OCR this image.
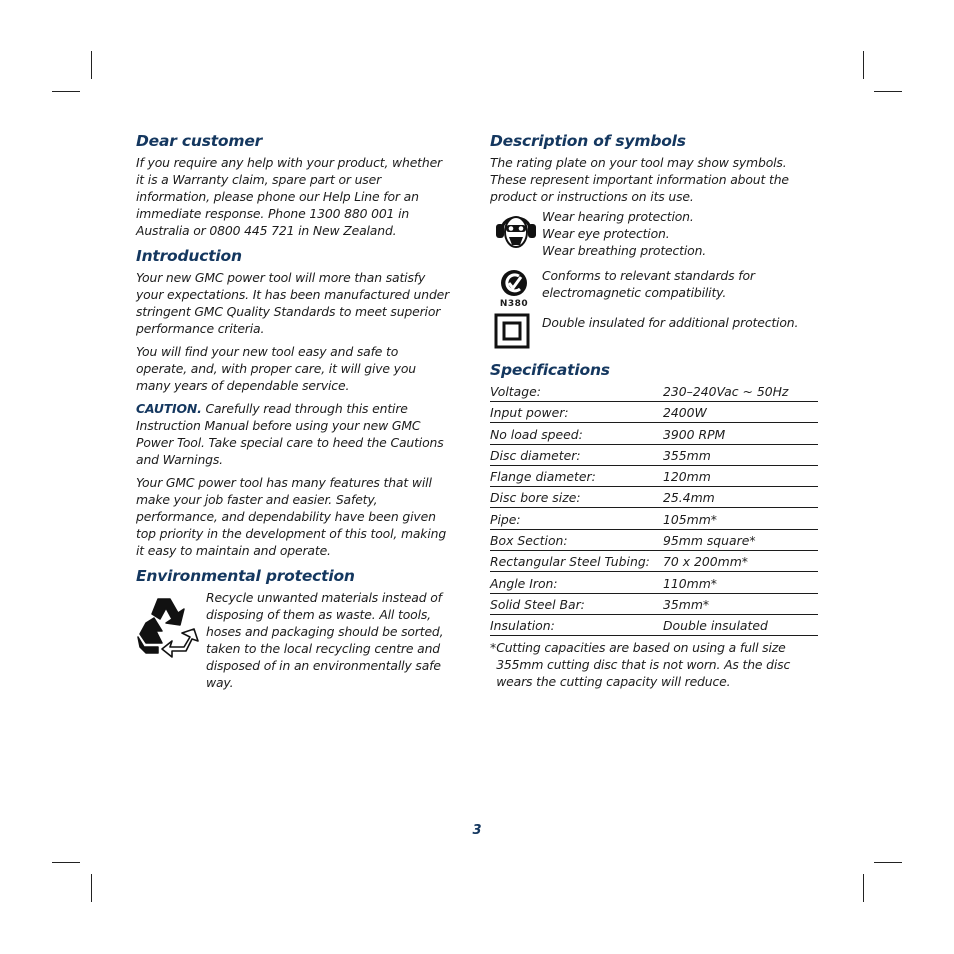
Dear customer

If you require any help with your product, whether it is a Warranty claim, spare part or user information, please phone our Help Line for an immediate response. Phone 1300 880 001 in Australia or 0800 445 721 in New Zealand.

Introduction

Your new GMC power tool will more than satisfy your expectations. It has been manufactured under stringent GMC Quality Standards to meet superior performance criteria.

You will find your new tool easy and safe to operate, and, with proper care, it will give you many years of dependable service.

CAUTION. Carefully read through this entire Instruction Manual before using your new GMC Power Tool. Take special care to heed the Cautions and Warnings.

Your GMC power tool has many features that will make your job faster and easier. Safety, performance, and dependability have been given top priority in the development of this tool, making it easy to maintain and operate.

Environmental protection

Recycle unwanted materials instead of disposing of them as waste. All tools, hoses and packaging should be sorted, taken to the local recycling centre and disposed of in an environmentally safe way.

Description of symbols

The rating plate on your tool may show symbols. These represent important information about the product or instructions on its use.

Wear hearing protection.

Wear eye protection.

Wear breathing protection.

N380

Conforms to relevant standards for

electromagnetic compatibility.

Double insulated for additional protection.

Specifications
Voltage:	230–240Vac ~ 50Hz
Input power:	2400W
No load speed:	3900 RPM
Disc diameter:	355mm
Flange diameter:	120mm
Disc bore size:	25.4mm
Pipe:	105mm*
Box Section:	95mm square*
Rectangular Steel Tubing:	70 x 200mm*
Angle Iron:	110mm*
Solid Steel Bar:	35mm*
Insulation:	Double insulated
* Cutting capacities are based on using a full size 355mm cutting disc that is not worn. As the disc wears the cutting capacity will reduce.

3
